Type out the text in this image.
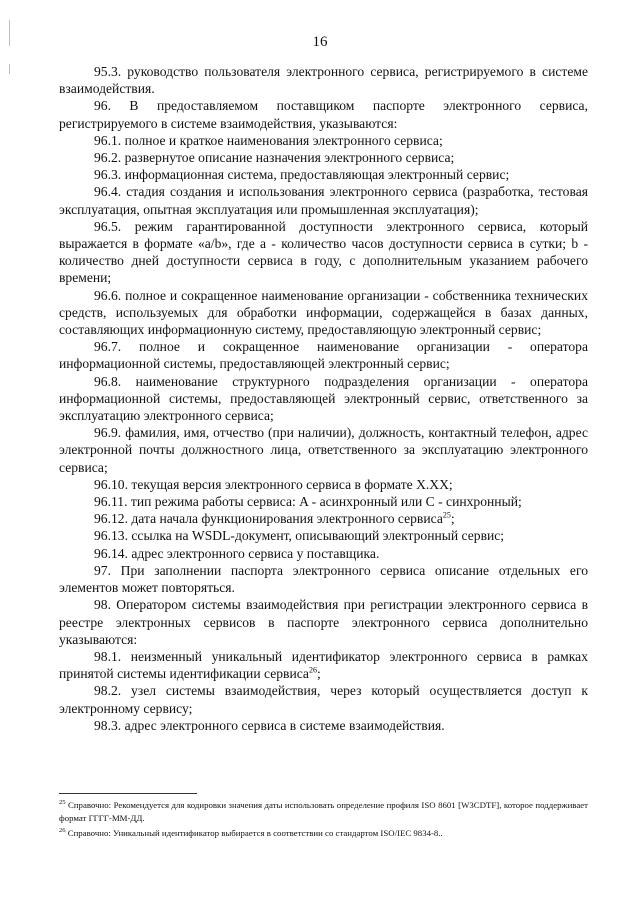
16

95.3. руководство пользователя электронного сервиса, регистрируемого в системе взаимодействия.

96. В предоставляемом поставщиком паспорте электронного сервиса, регистрируемого в системе взаимодействия, указываются:

96.1. полное и краткое наименования электронного сервиса;

96.2. развернутое описание назначения электронного сервиса;

96.3. информационная система, предоставляющая электронный сервис;

96.4. стадия создания и использования электронного сервиса (разработка, тестовая эксплуатация, опытная эксплуатация или промышленная эксплуатация);

96.5. режим гарантированной доступности электронного сервиса, который выражается в формате «a/b», где a - количество часов доступности сервиса в сутки; b - количество дней доступности сервиса в году, с дополнительным указанием рабочего времени;

96.6. полное и сокращенное наименование организации - собственника технических средств, используемых для обработки информации, содержащейся в базах данных, составляющих информационную систему, предоставляющую электронный сервис;

96.7. полное и сокращенное наименование организации - оператора информационной системы, предоставляющей электронный сервис;

96.8. наименование структурного подразделения организации - оператора информационной системы, предоставляющей электронный сервис, ответственного за эксплуатацию электронного сервиса;

96.9. фамилия, имя, отчество (при наличии), должность, контактный телефон, адрес электронной почты должностного лица, ответственного за эксплуатацию электронного сервиса;

96.10. текущая версия электронного сервиса в формате X.XX;

96.11. тип режима работы сервиса: A - асинхронный или C - синхронный;

96.12. дата начала функционирования электронного сервиса$^{25}$;

96.13. ссылка на WSDL-документ, описывающий электронный сервис;

96.14. адрес электронного сервиса у поставщика.

97. При заполнении паспорта электронного сервиса описание отдельных его элементов может повторяться.

98. Оператором системы взаимодействия при регистрации электронного сервиса в реестре электронных сервисов в паспорте электронного сервиса дополнительно указываются:

98.1. неизменный уникальный идентификатор электронного сервиса в рамках принятой системы идентификации сервиса$^{26}$;

98.2. узел системы взаимодействия, через который осуществляется доступ к электронному сервису;

98.3. адрес электронного сервиса в системе взаимодействия.

$^{25}$ Справочно: Рекомендуется для кодировки значения даты использовать определение профиля ISO 8601 [W3CDTF], которое поддерживает формат ГГГГ-ММ-ДД.

$^{26}$ Справочно: Уникальный идентификатор выбирается в соответствии со стандартом ISO/IEC 9834-8..
